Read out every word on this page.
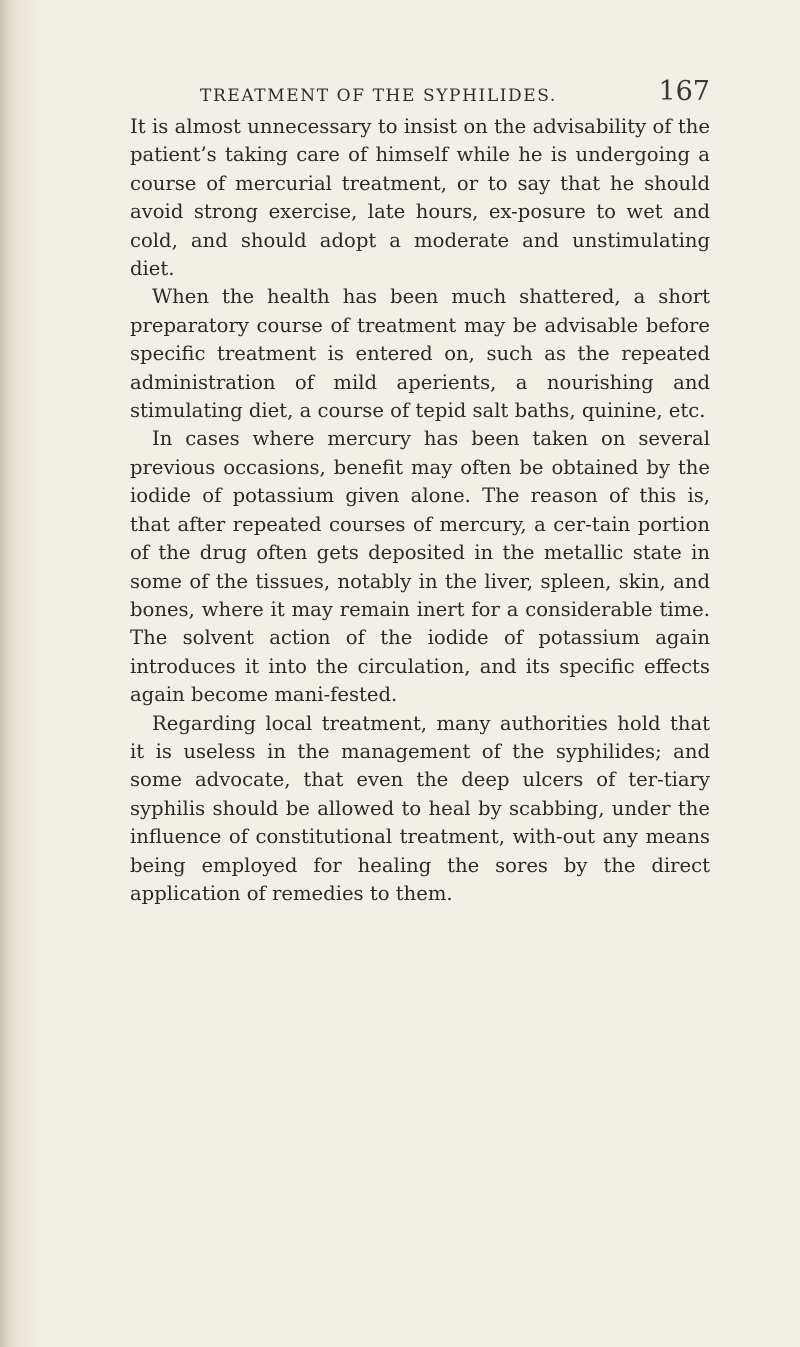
TREATMENT OF THE SYPHILIDES.	167

It is almost unnecessary to insist on the advisability of the patient’s taking care of himself while he is undergoing a course of mercurial treatment, or to say that he should avoid strong exercise, late hours, ex-posure to wet and cold, and should adopt a moderate and unstimulating diet.

When the health has been much shattered, a short preparatory course of treatment may be advisable before specific treatment is entered on, such as the repeated administration of mild aperients, a nourishing and stimulating diet, a course of tepid salt baths, quinine, etc.

In cases where mercury has been taken on several previous occasions, benefit may often be obtained by the iodide of potassium given alone. The reason of this is, that after repeated courses of mercury, a cer-tain portion of the drug often gets deposited in the metallic state in some of the tissues, notably in the liver, spleen, skin, and bones, where it may remain inert for a considerable time. The solvent action of the iodide of potassium again introduces it into the circulation, and its specific effects again become mani-fested.

Regarding local treatment, many authorities hold that it is useless in the management of the syphilides; and some advocate, that even the deep ulcers of ter-tiary syphilis should be allowed to heal by scabbing, under the influence of constitutional treatment, with-out any means being employed for healing the sores by the direct application of remedies to them.
